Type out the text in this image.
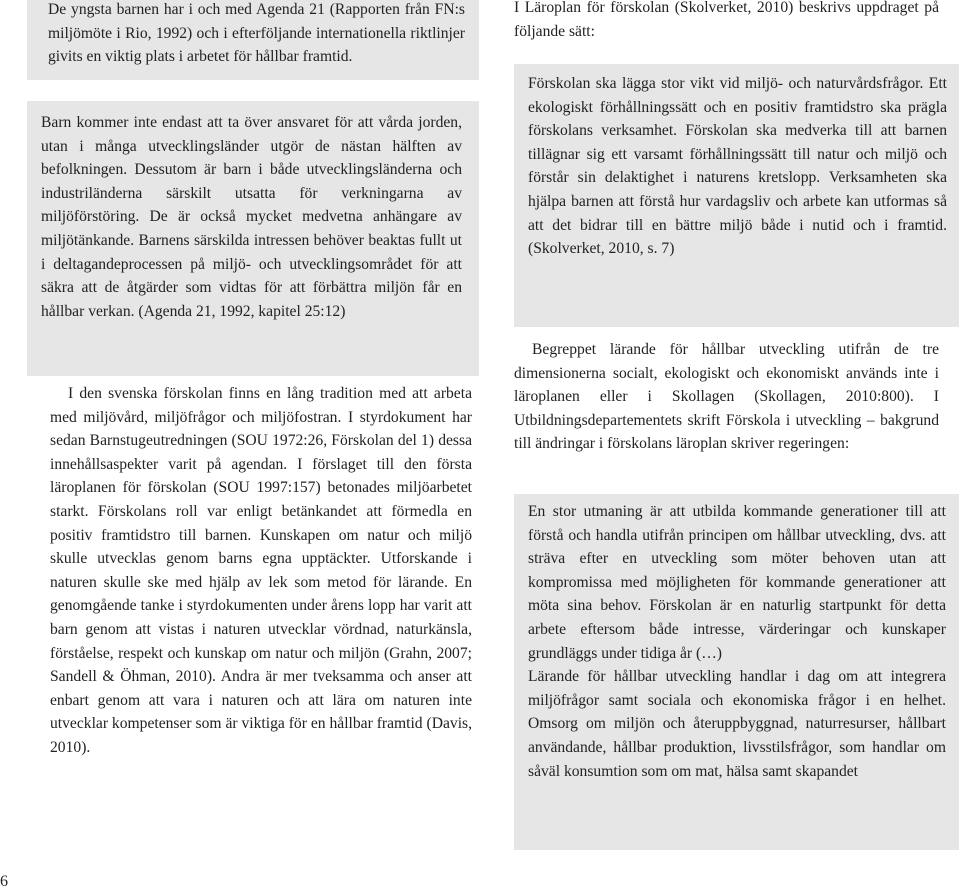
De yngsta barnen har i och med Agenda 21 (Rapporten från FN:s miljömöte i Rio, 1992) och i efterföljande internationella riktlinjer givits en viktig plats i arbetet för hållbar framtid.
Barn kommer inte endast att ta över ansvaret för att vårda jorden, utan i många utvecklingsländer utgör de nästan hälften av befolkningen. Dessutom är barn i både utvecklingsländerna och industriländerna särskilt utsatta för verkningarna av miljöförstöring. De är också mycket medvetna anhängare av miljötänkande. Barnens särskilda intressen behöver beaktas fullt ut i deltagandeprocessen på miljö- och utvecklingsområdet för att säkra att de åtgärder som vidtas för att förbättra miljön får en hållbar verkan. (Agenda 21, 1992, kapitel 25:12)
I den svenska förskolan finns en lång tradition med att arbeta med miljövård, miljöfrågor och miljöfostran. I styrdokument har sedan Barnstugeutredningen (SOU 1972:26, Förskolan del 1) dessa innehållsaspekter varit på agendan. I förslaget till den första läroplanen för förskolan (SOU 1997:157) betonades miljöarbetet starkt. Förskolans roll var enligt betänkandet att förmedla en positiv framtidstro till barnen. Kunskapen om natur och miljö skulle utvecklas genom barns egna upptäckter. Utforskande i naturen skulle ske med hjälp av lek som metod för lärande. En genomgående tanke i styrdokumenten under årens lopp har varit att barn genom att vistas i naturen utvecklar vördnad, naturkänsla, förståelse, respekt och kunskap om natur och miljön (Grahn, 2007; Sandell & Öhman, 2010). Andra är mer tveksamma och anser att enbart genom att vara i naturen och att lära om naturen inte utvecklar kompetenser som är viktiga för en hållbar framtid (Davis, 2010).
I Läroplan för förskolan (Skolverket, 2010) beskrivs uppdraget på följande sätt:
Förskolan ska lägga stor vikt vid miljö- och naturvårdsfrågor. Ett ekologiskt förhållningssätt och en positiv framtidstro ska prägla förskolans verksamhet. Förskolan ska medverka till att barnen tillägnar sig ett varsamt förhållningssätt till natur och miljö och förstår sin delaktighet i naturens kretslopp. Verksamheten ska hjälpa barnen att förstå hur vardagsliv och arbete kan utformas så att det bidrar till en bättre miljö både i nutid och i framtid. (Skolverket, 2010, s. 7)
Begreppet lärande för hållbar utveckling utifrån de tre dimensionerna socialt, ekologiskt och ekonomiskt används inte i läroplanen eller i Skollagen (Skollagen, 2010:800). I Utbildningsdepartementets skrift Förskola i utveckling – bakgrund till ändringar i förskolans läroplan skriver regeringen:

En stor utmaning är att utbilda kommande generationer till att förstå och handla utifrån principen om hållbar utveckling, dvs. att sträva efter en utveckling som möter behoven utan att kompromissa med möjligheten för kommande generationer att möta sina behov. Förskolan är en naturlig startpunkt för detta arbete eftersom både intresse, värderingar och kunskaper grundläggs under tidiga år (…)

Lärande för hållbar utveckling handlar i dag om att integrera miljöfrågor samt sociala och ekonomiska frågor i en helhet. Omsorg om miljön och återuppbyggnad, naturresurser, hållbart användande, hållbar produktion, livsstilsfrågor, som handlar om såväl konsumtion som om mat, hälsa samt skapandet

6
